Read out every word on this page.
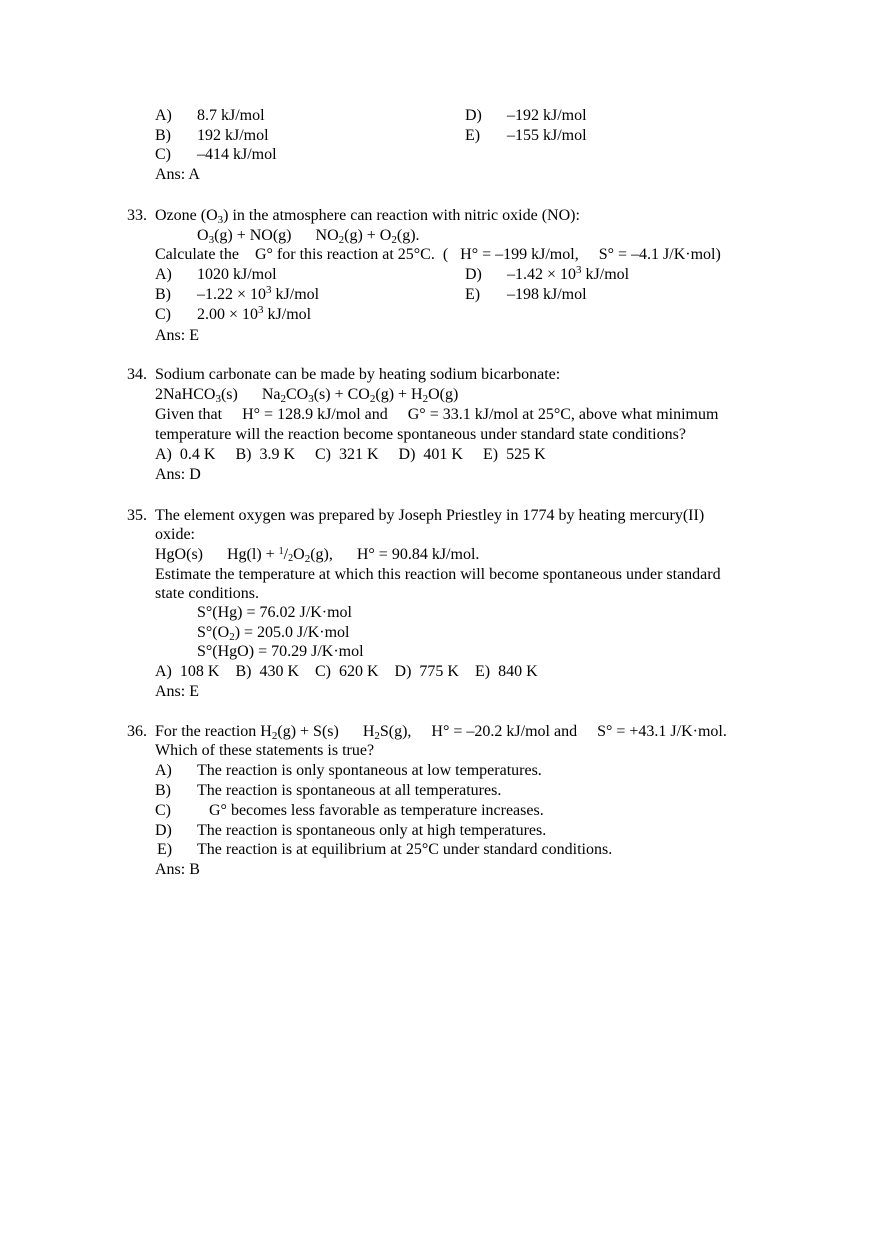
A) 8.7 kJ/mol	D) –192 kJ/mol
B) 192 kJ/mol	E) –155 kJ/mol
C) –414 kJ/mol
Ans: A
33. Ozone $(O_3)$ in the atmosphere can reaction with nitric oxide (NO):
$O_3(g) + NO(g)$      $NO_2(g) + O_2(g)$.
Calculate the    G° for this reaction at 25°C.  (   H° = –199 kJ/mol,     S° = –4.1 J/K·mol)
A) 1020 kJ/mol	D) $-1.42 \times 10^3$ kJ/mol
B) $-1.22 \times 10^3$ kJ/mol	E) –198 kJ/mol
C) $2.00 \times 10^3$ kJ/mol
Ans: E
34. Sodium carbonate can be made by heating sodium bicarbonate:
2NaHCO$_3$(s)      $Na_2CO_3(s) + CO_2(g) + H_2O(g)$
Given that     H° = 128.9 kJ/mol and     G° = 33.1 kJ/mol at 25°C, above what minimum
temperature will the reaction become spontaneous under standard state conditions?
A)  0.4 K     B)  3.9 K     C)  321 K     D)  401 K     E)  525 K
Ans: D
35. The element oxygen was prepared by Joseph Priestley in 1774 by heating mercury(II)
oxide:
HgO(s)      $Hg(l) + ^1/_2O_2(g)$,      H° = 90.84 kJ/mol.
Estimate the temperature at which this reaction will become spontaneous under standard
state conditions.
S°(Hg) = 76.02 J/K·mol
$S^\circ(O_2) = 205.0$ J/K·mol
S°(HgO) = 70.29 J/K·mol
A)  108 K    B)  430 K    C)  620 K    D)  775 K    E)  840 K
Ans: E
36. For the reaction $H_2(g) + S(s)$      $H_2S(g)$,     H° = –20.2 kJ/mol and     S° = +43.1 J/K·mol.
Which of these statements is true?
A) The reaction is only spontaneous at low temperatures.
B) The reaction is spontaneous at all temperatures.
C) G° becomes less favorable as temperature increases.
D) The reaction is spontaneous only at high temperatures.
E) The reaction is at equilibrium at 25°C under standard conditions.
Ans: B
